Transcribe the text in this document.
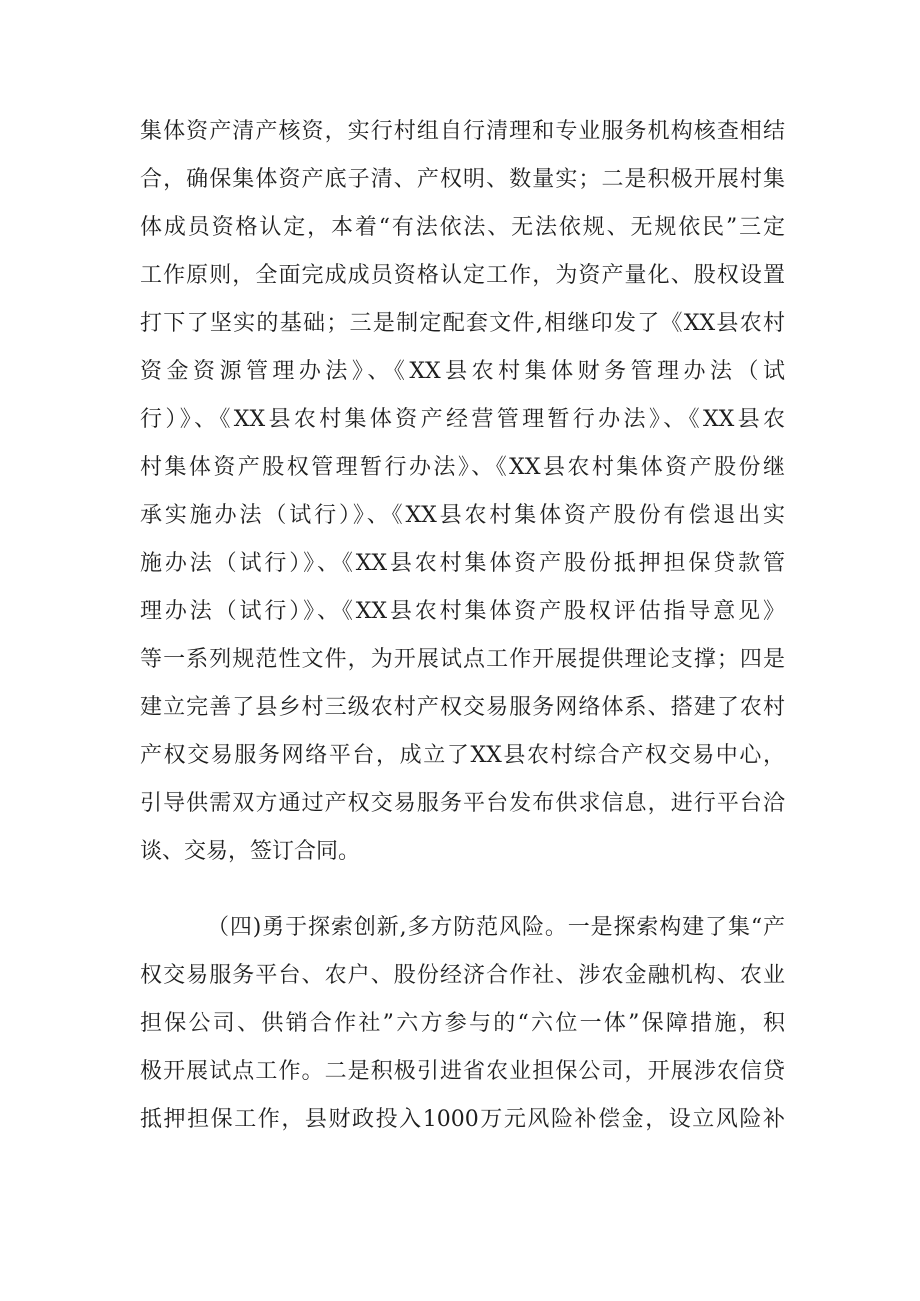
集体资产清产核资，实行村组自行清理和专业服务机构核查相结
合，确保集体资产底子清、产权明、数量实；二是积极开展村集
体成员资格认定，本着“有法依法、无法依规、无规依民”三定
工作原则，全面完成成员资格认定工作，为资产量化、股权设置
打下了坚实的基础；三是制定配套文件,相继印发了《XX县农村
资金资源管理办法》、《XX县农村集体财务管理办法（试
行）》、《XX县农村集体资产经营管理暂行办法》、《XX县农
村集体资产股权管理暂行办法》、《XX县农村集体资产股份继
承实施办法（试行）》、《XX县农村集体资产股份有偿退出实
施办法（试行）》、《XX县农村集体资产股份抵押担保贷款管
理办法（试行）》、《XX县农村集体资产股权评估指导意见》
等一系列规范性文件，为开展试点工作开展提供理论支撑；四是
建立完善了县乡村三级农村产权交易服务网络体系、搭建了农村
产权交易服务网络平台，成立了XX县农村综合产权交易中心，
引导供需双方通过产权交易服务平台发布供求信息，进行平台洽
谈、交易，签订合同。
（四)勇于探索创新,多方防范风险。一是探索构建了集“产
权交易服务平台、农户、股份经济合作社、涉农金融机构、农业
担保公司、供销合作社”六方参与的“六位一体”保障措施，积
极开展试点工作。二是积极引进省农业担保公司，开展涉农信贷
抵押担保工作，县财政投入1000万元风险补偿金，设立风险补
